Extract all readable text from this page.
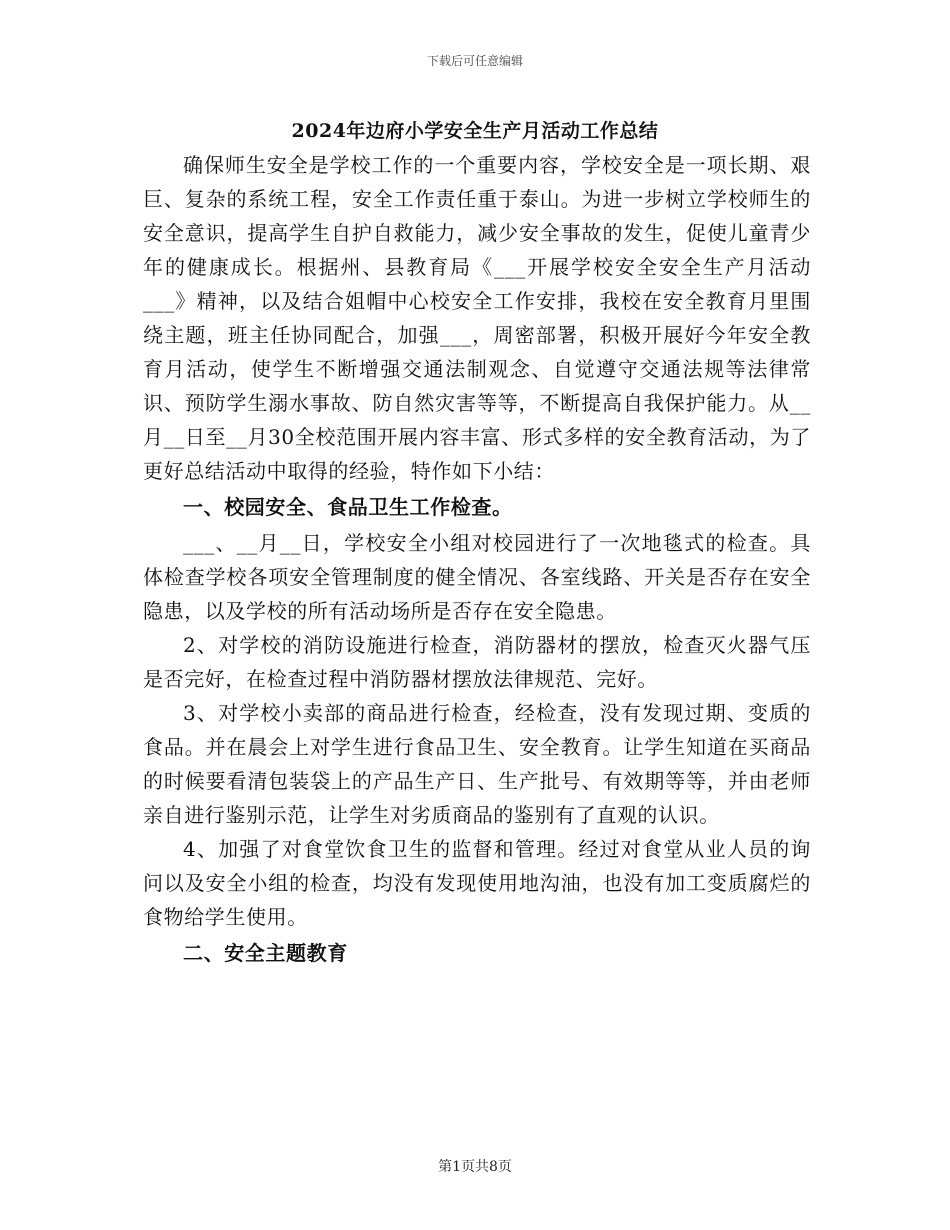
下载后可任意编辑
2024年边府小学安全生产月活动工作总结

确保师生安全是学校工作的一个重要内容，学校安全是一项长期、艰巨、复杂的系统工程，安全工作责任重于泰山。为进一步树立学校师生的安全意识，提高学生自护自救能力，减少安全事故的发生，促使儿童青少年的健康成长。根据州、县教育局《___开展学校安全安全生产月活动___》精神，以及结合姐帽中心校安全工作安排，我校在安全教育月里围绕主题，班主任协同配合，加强___，周密部署，积极开展好今年安全教育月活动，使学生不断增强交通法制观念、自觉遵守交通法规等法律常识、预防学生溺水事故、防自然灾害等等，不断提高自我保护能力。从__月__日至__月30全校范围开展内容丰富、形式多样的安全教育活动，为了更好总结活动中取得的经验，特作如下小结：

一、校园安全、食品卫生工作检查。

___、__月__日，学校安全小组对校园进行了一次地毯式的检查。具体检查学校各项安全管理制度的健全情况、各室线路、开关是否存在安全隐患，以及学校的所有活动场所是否存在安全隐患。

2、对学校的消防设施进行检查，消防器材的摆放，检查灭火器气压是否完好，在检查过程中消防器材摆放法律规范、完好。

3、对学校小卖部的商品进行检查，经检查，没有发现过期、变质的食品。并在晨会上对学生进行食品卫生、安全教育。让学生知道在买商品的时候要看清包装袋上的产品生产日、生产批号、有效期等等，并由老师亲自进行鉴别示范，让学生对劣质商品的鉴别有了直观的认识。

4、加强了对食堂饮食卫生的监督和管理。经过对食堂从业人员的询问以及安全小组的检查，均没有发现使用地沟油，也没有加工变质腐烂的食物给学生使用。

二、安全主题教育

第1页共8页
